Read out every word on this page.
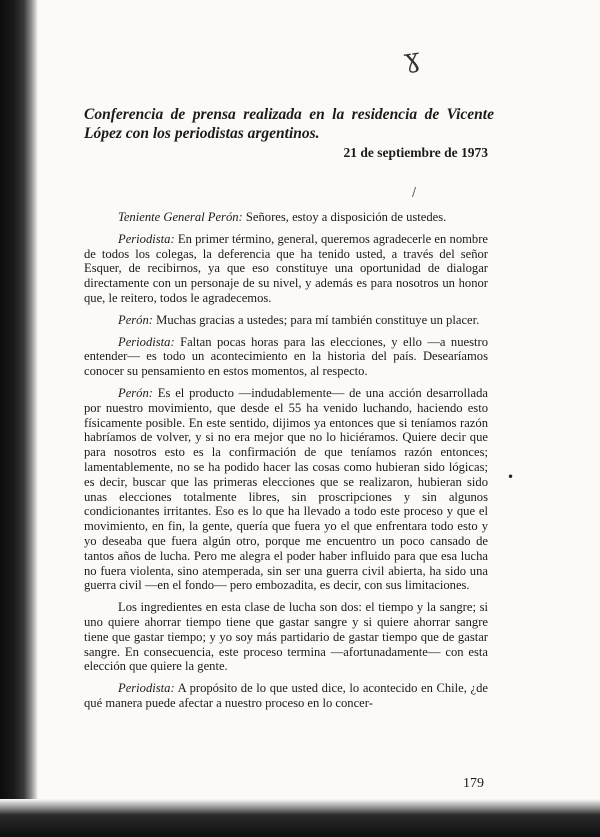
ɣ
/
•
Conferencia de prensa realizada en la residencia de Vicente López con los periodistas argentinos.

21 de septiembre de 1973

Teniente General Perón: Señores, estoy a disposición de ustedes.

Periodista: En primer término, general, queremos agradecerle en nombre de todos los colegas, la deferencia que ha tenido usted, a través del señor Esquer, de recibirnos, ya que eso constituye una oportunidad de dialogar directamente con un personaje de su nivel, y además es para nosotros un honor que, le reitero, todos le agradecemos.

Perón: Muchas gracias a ustedes; para mí también constituye un placer.

Periodista: Faltan pocas horas para las elecciones, y ello —a nuestro entender— es todo un acontecimiento en la historia del país. Desearíamos conocer su pensamiento en estos momentos, al respecto.

Perón: Es el producto —indudablemente— de una acción desarrollada por nuestro movimiento, que desde el 55 ha venido luchando, haciendo esto físicamente posible. En este sentido, dijimos ya entonces que si teníamos razón habríamos de volver, y si no era mejor que no lo hiciéramos. Quiere decir que para nosotros esto es la confirmación de que teníamos razón entonces; lamentablemente, no se ha podido hacer las cosas como hubieran sido lógicas; es decir, buscar que las primeras elecciones que se realizaron, hubieran sido unas elecciones totalmente libres, sin proscripciones y sin algunos condicionantes irritantes. Eso es lo que ha llevado a todo este proceso y que el movimiento, en fin, la gente, quería que fuera yo el que enfrentara todo esto y yo deseaba que fuera algún otro, porque me encuentro un poco cansado de tantos años de lucha. Pero me alegra el poder haber influido para que esa lucha no fuera violenta, sino atemperada, sin ser una guerra civil abierta, ha sido una guerra civil —en el fondo— pero embozadita, es decir, con sus limitaciones.

Los ingredientes en esta clase de lucha son dos: el tiempo y la sangre; si uno quiere ahorrar tiempo tiene que gastar sangre y si quiere ahorrar sangre tiene que gastar tiempo; y yo soy más partidario de gastar tiempo que de gastar sangre. En consecuencia, este proceso termina —afortunadamente— con esta elección que quiere la gente.

Periodista: A propósito de lo que usted dice, lo acontecido en Chile, ¿de qué manera puede afectar a nuestro proceso en lo concer-

179
